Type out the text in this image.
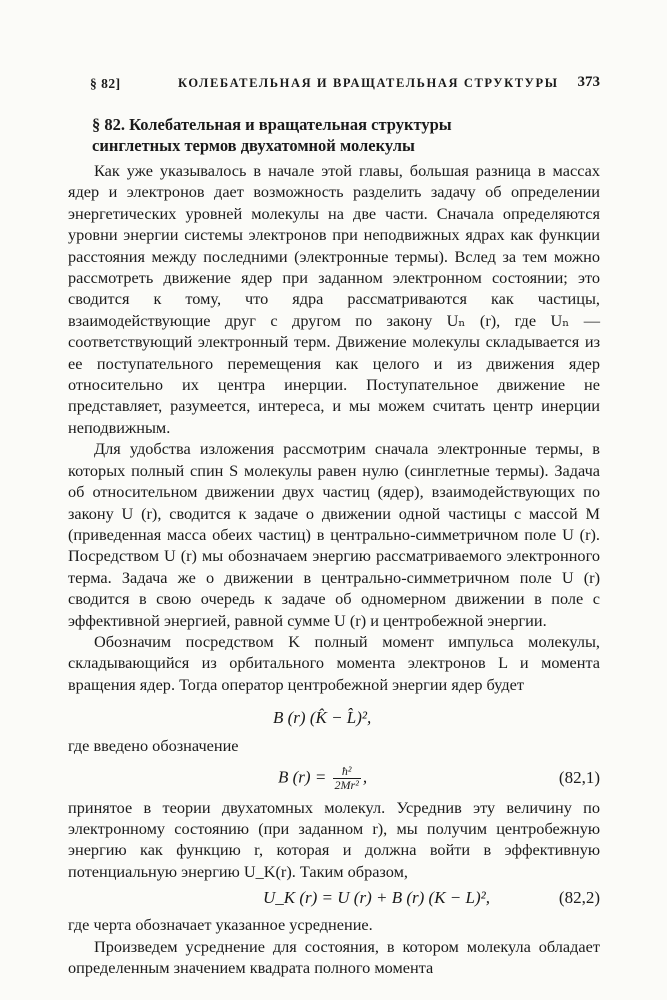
§ 82]	КОЛЕБАТЕЛЬНАЯ И ВРАЩАТЕЛЬНАЯ СТРУКТУРЫ 373
§ 82. Колебательная и вращательная структуры
синглетных термов двухатомной молекулы

Как уже указывалось в начале этой главы, большая разница в массах ядер и электронов дает возможность разделить задачу об определении энергетических уровней молекулы на две части. Сначала определяются уровни энергии системы электронов при неподвижных ядрах как функции расстояния между последними (электронные термы). Вслед за тем можно рассмотреть движение ядер при заданном электронном состоянии; это сводится к тому, что ядра рассматриваются как частицы, взаимодействующие друг с другом по закону Uₙ (r), где Uₙ — соответствующий электронный терм. Движение молекулы складывается из ее поступательного перемещения как целого и из движения ядер относительно их центра инерции. Поступательное движение не представляет, разумеется, интереса, и мы можем считать центр инерции неподвижным.

Для удобства изложения рассмотрим сначала электронные термы, в которых полный спин S молекулы равен нулю (синглетные термы). Задача об относительном движении двух частиц (ядер), взаимодействующих по закону U (r), сводится к задаче о движении одной частицы с массой M (приведенная масса обеих частиц) в центрально-симметричном поле U (r). Посредством U (r) мы обозначаем энергию рассматриваемого электронного терма. Задача же о движении в центрально-симметричном поле U (r) сводится в свою очередь к задаче об одномерном движении в поле с эффективной энергией, равной сумме U (r) и центробежной энергии.

Обозначим посредством K полный момент импульса молекулы, складывающийся из орбитального момента электронов L и момента вращения ядер. Тогда оператор центробежной энергии ядер будет

B (r) (K̂ − L̂)²,

где введено обозначение

B $(r) = \frac{\text{ħ²}}{\text{2Mr²}}$ ,	(82,1)

принятое в теории двухатомных молекул. Усреднив эту величину по электронному состоянию (при заданном r), мы получим центробежную энергию как функцию r, которая и должна войти в эффективную потенциальную энергию U_K(r). Таким образом,

U_K (r) = U (r) + B (r) (K − L)²,	(82,2)

где черта обозначает указанное усреднение.

Произведем усреднение для состояния, в котором молекула обладает определенным значением квадрата полного момента
